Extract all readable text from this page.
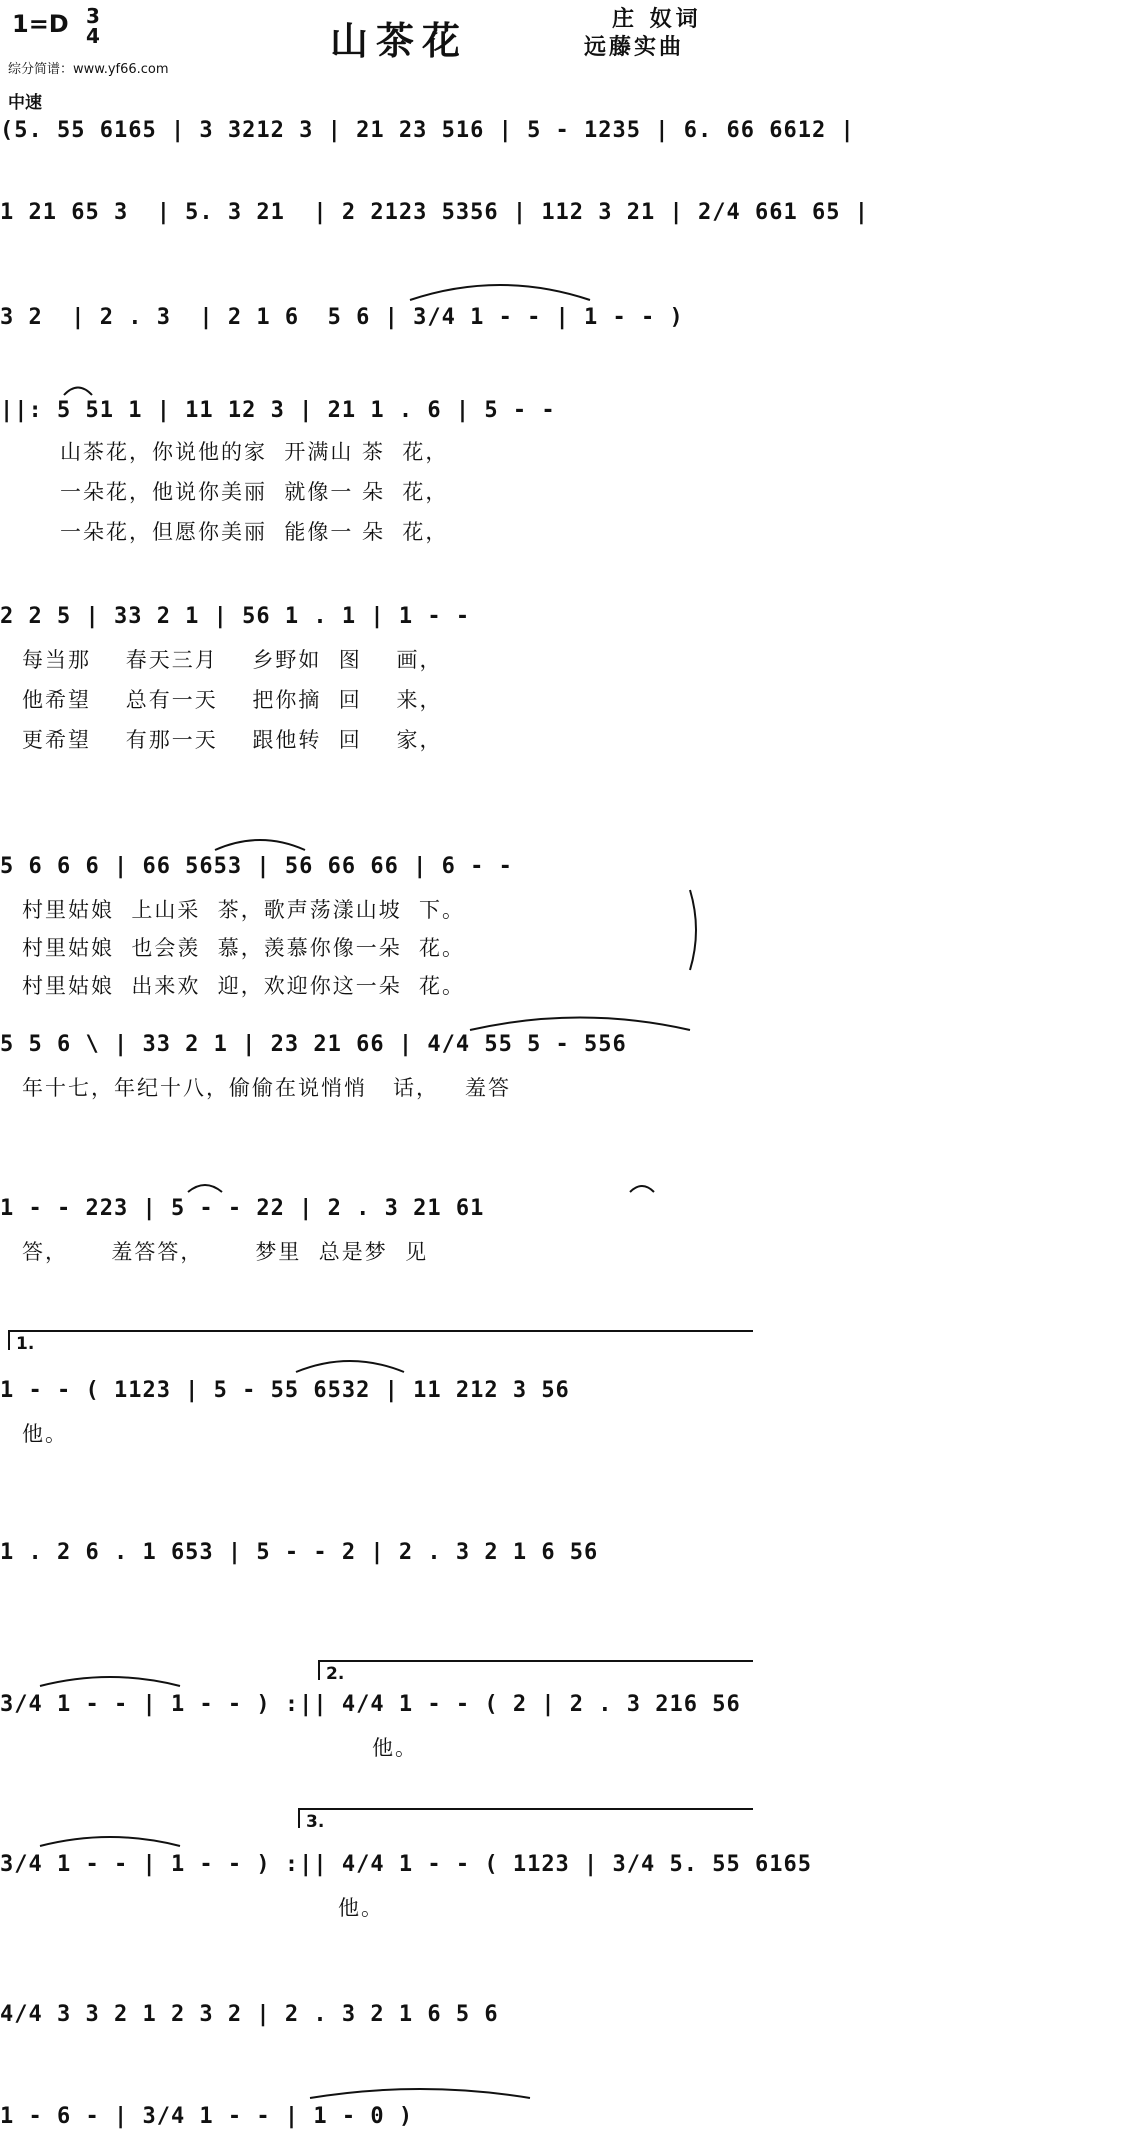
1=D 3
4	山茶花	庄 奴词
远藤实曲
综分简谱：www.yf66.com
中速
(5. 55 6165 | 3 3212 3 | 21 23 516 | 5 - 1235 | 6. 66 6612 |
1 21 65 3  | 5. 3 21  | 2 2123 5356 | 112 3 21 | 2/4 661 65 |
3 2  | 2 . 3  | 2 1 6  5 6 | 3/4 1 - - | 1 - - )
||: 5 51 1 | 11 12 3 | 21 1 . 6 | 5 - -
山茶花，你说他的家  开满山 茶  花，
一朵花，他说你美丽  就像一 朵  花，
一朵花，但愿你美丽  能像一 朵  花，
2 2 5 | 33 2 1 | 56 1 . 1 | 1 - -
每当那    春天三月    乡野如  图    画，
他希望    总有一天    把你摘  回    来，
更希望    有那一天    跟他转  回    家，
5 6 6 6 | 66 5653 | 56 66 66 | 6 - -
村里姑娘  上山采  茶，歌声荡漾山坡  下。
村里姑娘  也会羡  慕，羡慕你像一朵  花。
村里姑娘  出来欢  迎，欢迎你这一朵  花。
5 5 6 \ | 33 2 1 | 23 21 66 | 4/4 55 5 - 556
年十七，年纪十八，偷偷在说悄悄   话，   羞答
1 - - 223 | 5 - - 22 | 2 . 3 21 61
答，     羞答答，      梦里  总是梦  见
1.
1 - - ( 1123 | 5 - 55 6532 | 11 212 3 56
他。
1 . 2 6 . 1 653 | 5 - - 2 | 2 . 3 2 1 6 56
2.
3/4 1 - - | 1 - - ) :|| 4/4 1 - - ( 2 | 2 . 3 216 56
他。
3.
3/4 1 - - | 1 - - ) :|| 4/4 1 - - ( 1123 | 3/4 5. 55 6165
他。
4/4 3 3 2 1 2 3 2 | 2 . 3 2 1 6 5 6
1 - 6 - | 3/4 1 - - | 1 - 0 )
